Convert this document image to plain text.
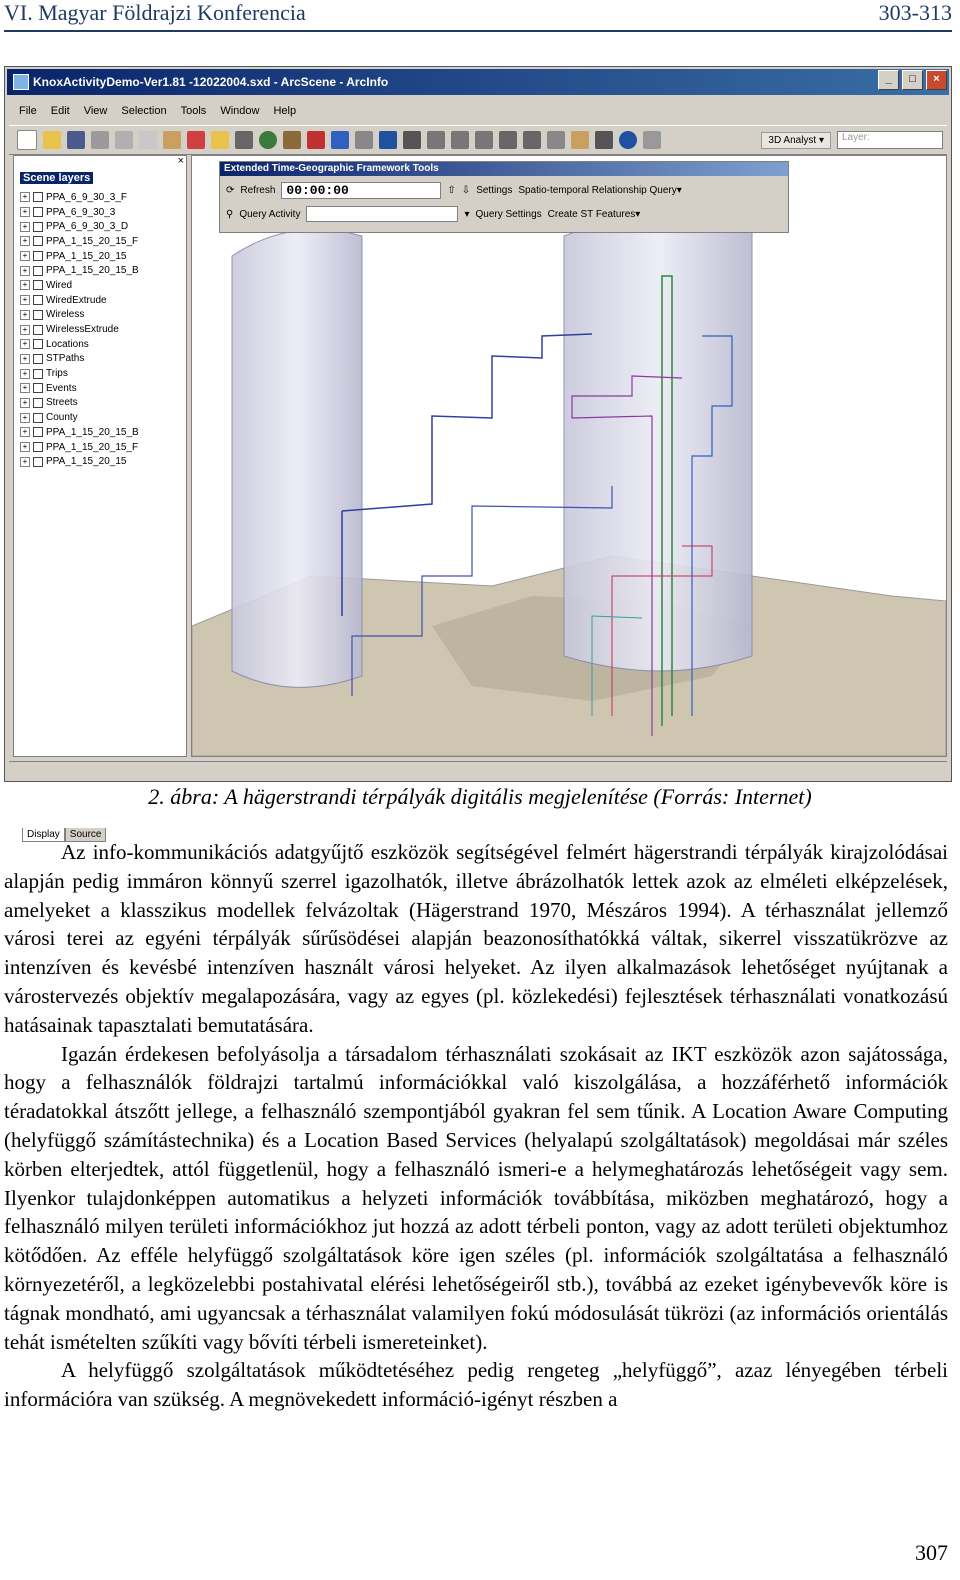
VI. Magyar Földrajzi Konferencia	303-313
KnoxActivityDemo-Ver1.81 -12022004.sxd - ArcScene - ArcInfo	_	□	×
File Edit View Selection Tools Window Help
3D Analyst ▾	Layer:
×
Scene layers
+ PPA_6_9_30_3_F
+ PPA_6_9_30_3
+ PPA_6_9_30_3_D
+ PPA_1_15_20_15_F
+ PPA_1_15_20_15
+ PPA_1_15_20_15_B
+ Wired
+ WiredExtrude
+ Wireless
+ WirelessExtrude
+ Locations
+ STPaths
+ Trips
+ Events
+ Streets
+ County
+ PPA_1_15_20_15_B
+ PPA_1_15_20_15_F
+ PPA_1_15_20_15
Display	Source
Extended Time-Geographic Framework Tools
⟳ Refresh 00:00:00	⇧ ⇩ Settings Spatio-temporal Relationship Query▾
⚲ Query Activity	▾ Query Settings Create ST Features▾
2. ábra: A hägerstrandi térpályák digitális megjelenítése (Forrás: Internet)

Az info-kommunikációs adatgyűjtő eszközök segítségével felmért hägerstrandi térpályák kirajzolódásai alapján pedig immáron könnyű szerrel igazolhatók, illetve ábrázolhatók lettek azok az elméleti elképzelések, amelyeket a klasszikus modellek felvázoltak (Hägerstrand 1970, Mészáros 1994). A térhasználat jellemző városi terei az egyéni térpályák sűrűsödései alapján beazonosíthatókká váltak, sikerrel visszatükrözve az intenzíven és kevésbé intenzíven használt városi helyeket. Az ilyen alkalmazások lehetőséget nyújtanak a várostervezés objektív megalapozására, vagy az egyes (pl. közlekedési) fejlesztések térhasználati vonatkozású hatásainak tapasztalati bemutatására.

Igazán érdekesen befolyásolja a társadalom térhasználati szokásait az IKT eszközök azon sajátossága, hogy a felhasználók földrajzi tartalmú információkkal való kiszolgálása, a hozzáférhető információk téradatokkal átszőtt jellege, a felhasználó szempontjából gyakran fel sem tűnik. A Location Aware Computing (helyfüggő számítástechnika) és a Location Based Services (helyalapú szolgáltatások) megoldásai már széles körben elterjedtek, attól függetlenül, hogy a felhasználó ismeri-e a helymeghatározás lehetőségeit vagy sem. Ilyenkor tulajdonképpen automatikus a helyzeti információk továbbítása, miközben meghatározó, hogy a felhasználó milyen területi információkhoz jut hozzá az adott térbeli ponton, vagy az adott területi objektumhoz kötődően. Az efféle helyfüggő szolgáltatások köre igen széles (pl. információk szolgáltatása a felhasználó környezetéről, a legközelebbi postahivatal elérési lehetőségeiről stb.), továbbá az ezeket igénybevevők köre is tágnak mondható, ami ugyancsak a térhasználat valamilyen fokú módosulását tükrözi (az információs orientálás tehát ismételten szűkíti vagy bővíti térbeli ismereteinket).

A helyfüggő szolgáltatások működtetéséhez pedig rengeteg „helyfüggő”, azaz lényegében térbeli információra van szükség. A megnövekedett információ-igényt részben a

307
